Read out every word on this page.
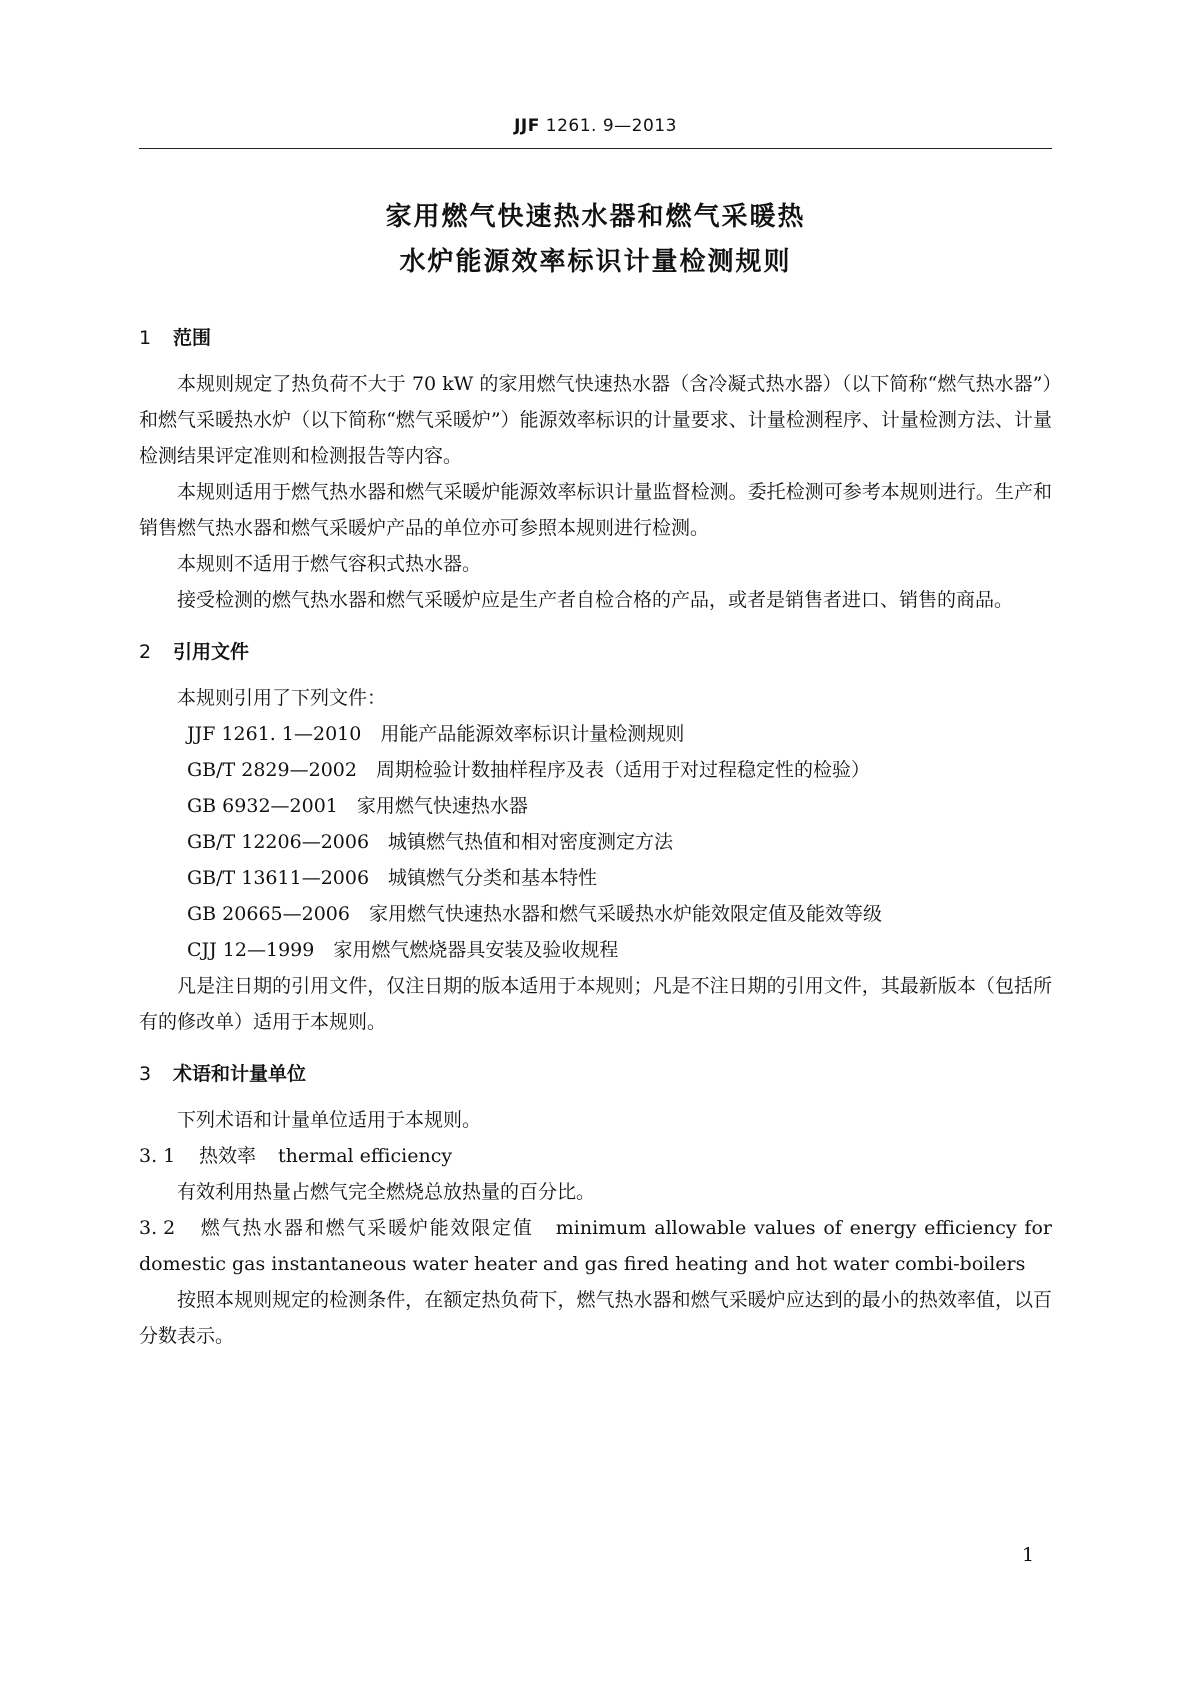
JJF 1261. 9—2013
家用燃气快速热水器和燃气采暖热
水炉能源效率标识计量检测规则
1 范围

本规则规定了热负荷不大于 70 kW 的家用燃气快速热水器（含冷凝式热水器）（以下简称“燃气热水器”）和燃气采暖热水炉（以下简称“燃气采暖炉”）能源效率标识的计量要求、计量检测程序、计量检测方法、计量检测结果评定准则和检测报告等内容。

本规则适用于燃气热水器和燃气采暖炉能源效率标识计量监督检测。委托检测可参考本规则进行。生产和销售燃气热水器和燃气采暖炉产品的单位亦可参照本规则进行检测。

本规则不适用于燃气容积式热水器。

接受检测的燃气热水器和燃气采暖炉应是生产者自检合格的产品，或者是销售者进口、销售的商品。

2 引用文件

本规则引用了下列文件：

JJF 1261. 1—2010　用能产品能源效率标识计量检测规则

GB/T 2829—2002　周期检验计数抽样程序及表（适用于对过程稳定性的检验）

GB 6932—2001　家用燃气快速热水器

GB/T 12206—2006　城镇燃气热值和相对密度测定方法

GB/T 13611—2006　城镇燃气分类和基本特性

GB 20665—2006　家用燃气快速热水器和燃气采暖热水炉能效限定值及能效等级

CJJ 12—1999　家用燃气燃烧器具安装及验收规程

凡是注日期的引用文件，仅注日期的版本适用于本规则；凡是不注日期的引用文件，其最新版本（包括所有的修改单）适用于本规则。

3 术语和计量单位

下列术语和计量单位适用于本规则。

3. 1 热效率 thermal efficiency

有效利用热量占燃气完全燃烧总放热量的百分比。

3. 2 燃气热水器和燃气采暖炉能效限定值 minimum allowable values of energy efficiency for domestic gas instantaneous water heater and gas fired heating and hot water combi-boilers

按照本规则规定的检测条件，在额定热负荷下，燃气热水器和燃气采暖炉应达到的最小的热效率值，以百分数表示。

1
